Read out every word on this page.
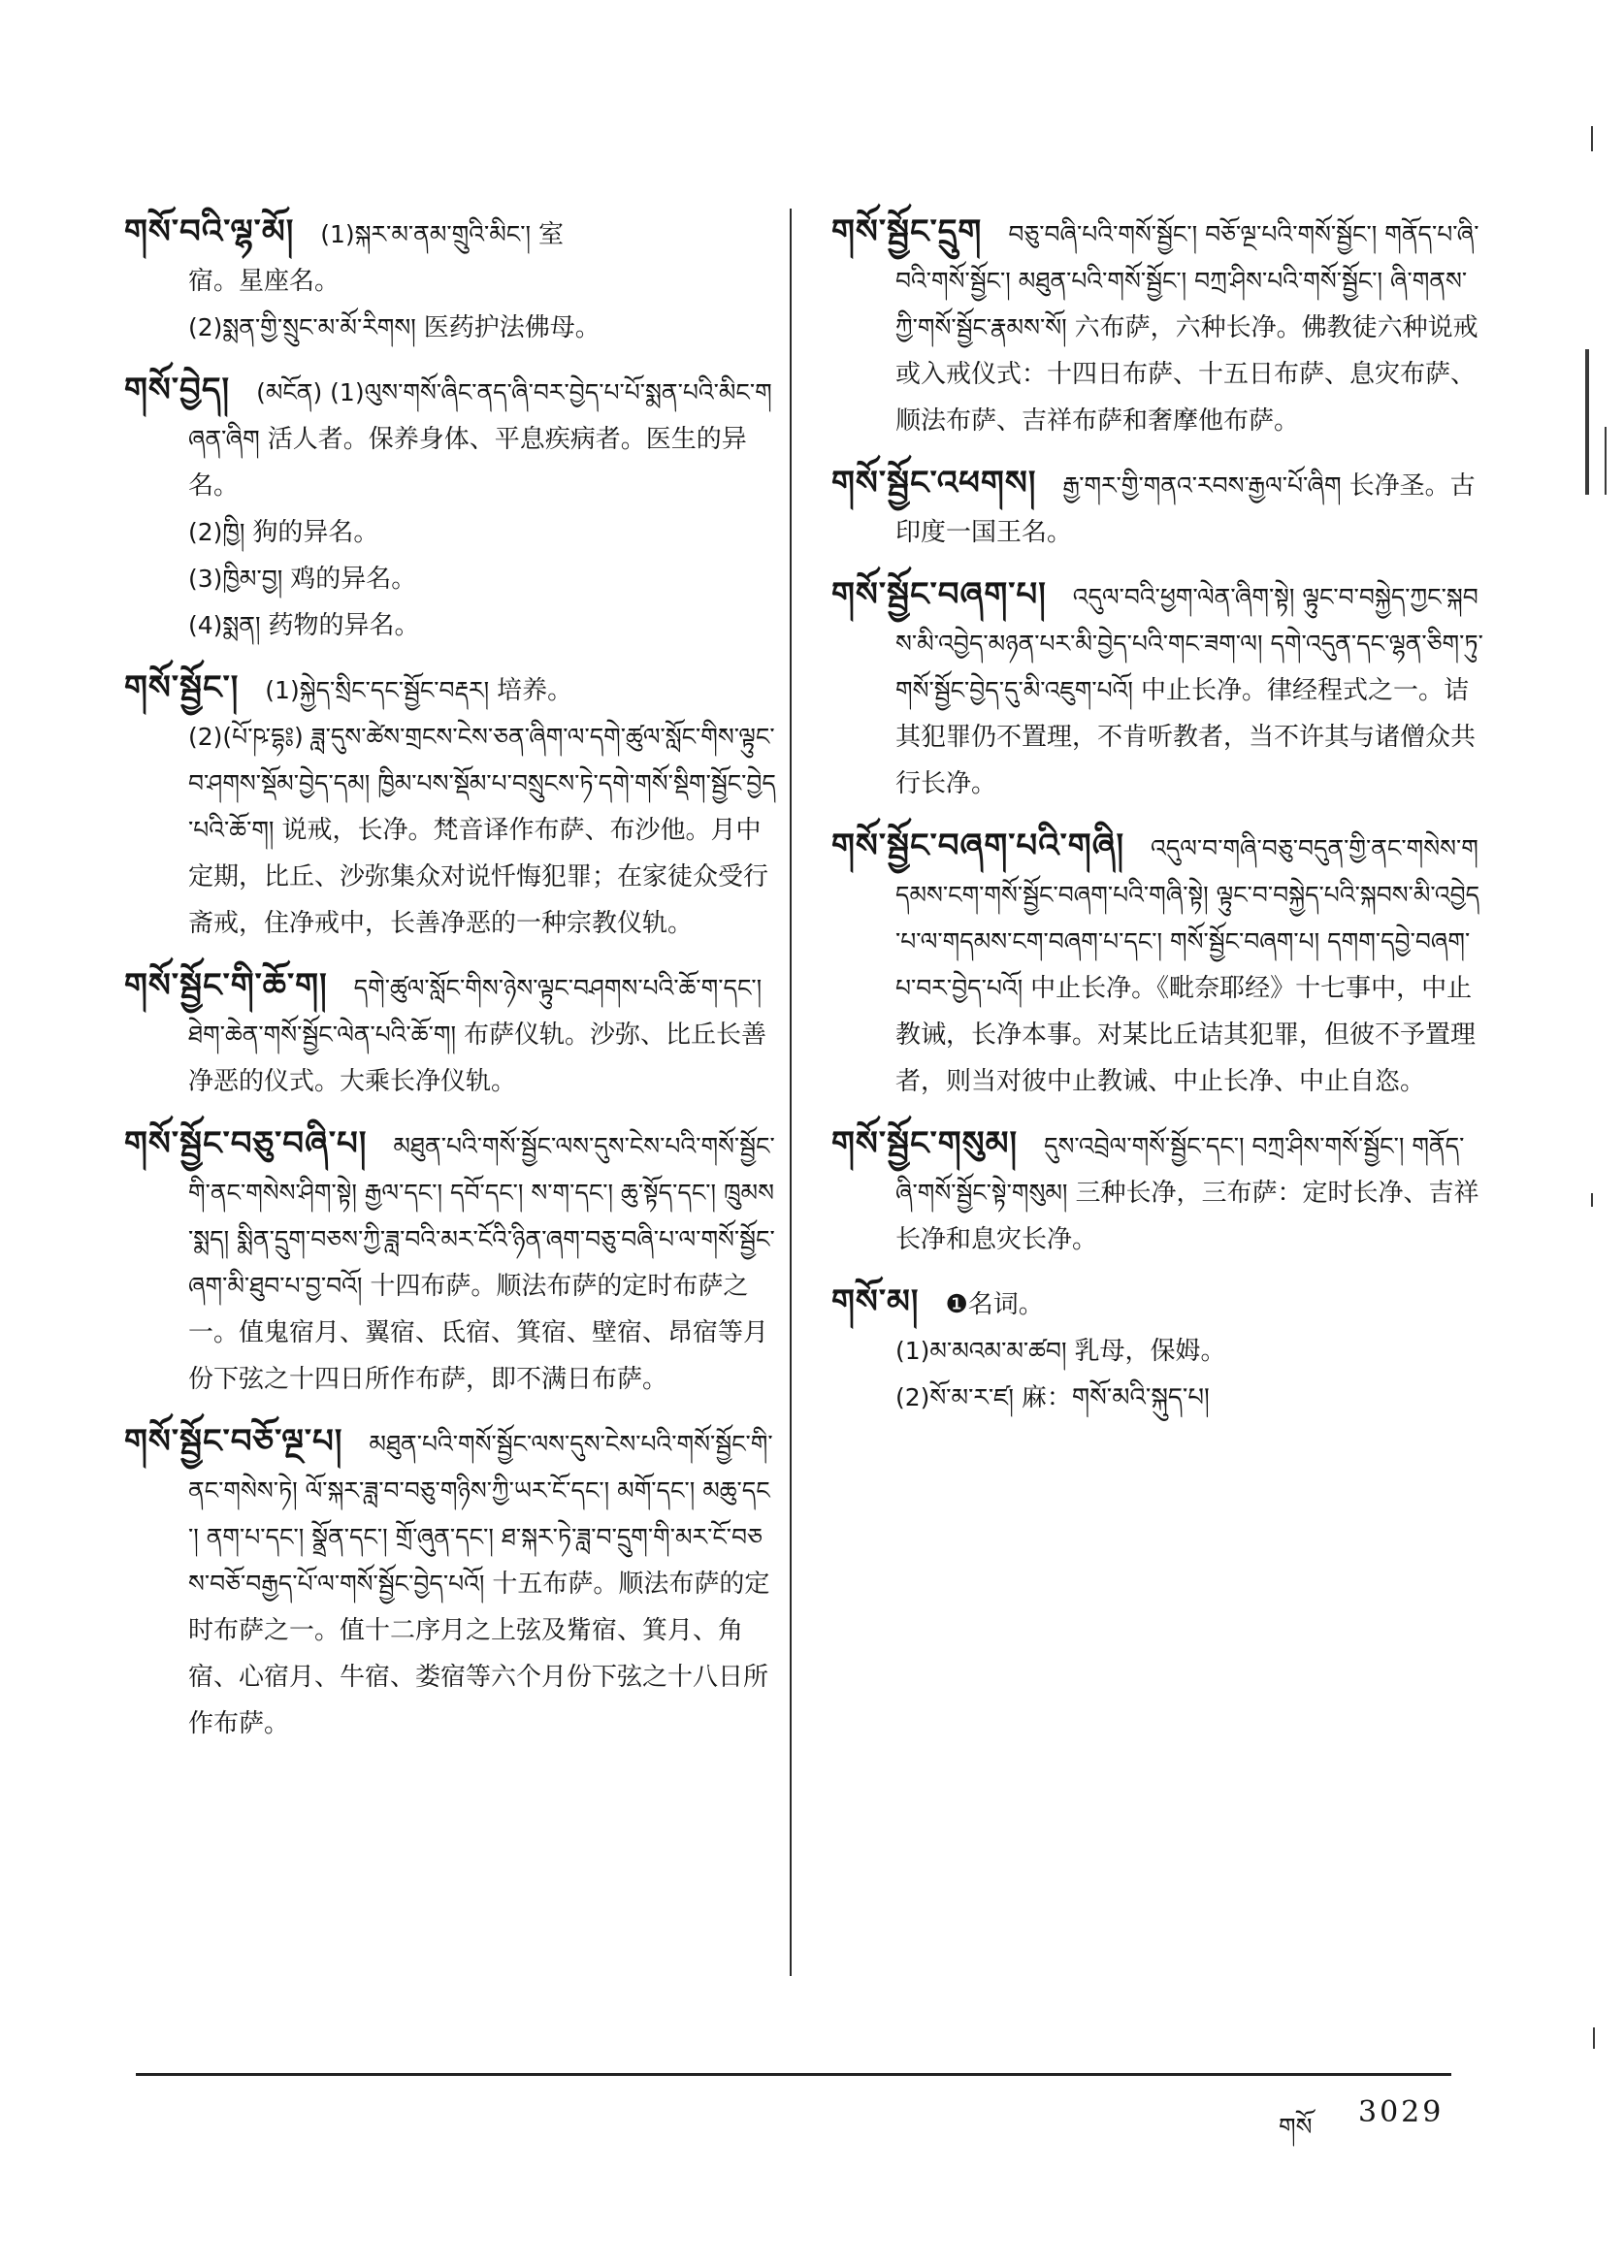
གསོ་བའི་ལྷ་མོ།  (1)སྐར་མ་ནམ་གྲུའི་མིང་། 室

宿。星座名。

(2)སྨན་གྱི་སྲུང་མ་མོ་རིགས། 医药护法佛母。

གསོ་བྱེད།  (མངོན) (1)ལུས་གསོ་ཞིང་ནད་ཞི་བར་བྱེད་པ་པོ་སྨན་པའི་མིང་གཞན་ཞིག 活人者。保养身体、平息疾病者。医生的异名。

(2)ཁྱི། 狗的异名。

(3)ཁྱིམ་བྱ། 鸡的异名。

(4)སྨན། 药物的异名。

གསོ་སྦྱོང་།  (1)སྐྱེད་སྲིང་དང་སྦྱོང་བརྡར། 培养。

(2)(པོ་ཥ་དྷ༔) ཟླ་དུས་ཚེས་གྲངས་ངེས་ཅན་ཞིག་ལ་དགེ་ཚུལ་སློང་གིས་ལྟུང་བ་ཤགས་སྡོམ་བྱེད་དམ། ཁྱིམ་པས་སྡོམ་པ་བསྲུངས་ཏེ་དགེ་གསོ་སྡིག་སྦྱོང་བྱེད་པའི་ཆོ་ག། 说戒，长净。梵音译作布萨、布沙他。月中定期，比丘、沙弥集众对说忏悔犯罪；在家徒众受行斋戒，住净戒中，长善净恶的一种宗教仪轨。

གསོ་སྦྱོང་གི་ཆོ་ག།  དགེ་ཚུལ་སློང་གིས་ཉེས་ལྟུང་བཤགས་པའི་ཆོ་ག་དང་། ཐེག་ཆེན་གསོ་སྦྱོང་ལེན་པའི་ཆོ་ག། 布萨仪轨。沙弥、比丘长善净恶的仪式。大乘长净仪轨。

གསོ་སྦྱོང་བཅུ་བཞི་པ།  མཐུན་པའི་གསོ་སྦྱོང་ལས་དུས་ངེས་པའི་གསོ་སྦྱོང་གི་ནང་གསེས་ཤིག་སྟེ། རྒྱལ་དང་། དབོ་དང་། ས་ག་དང་། ཆུ་སྟོད་དང་། ཁྲུམས་སྨད། སྨིན་དྲུག་བཅས་ཀྱི་ཟླ་བའི་མར་ངོའི་ཉིན་ཞག་བཅུ་བཞི་པ་ལ་གསོ་སྦྱོང་ཞག་མི་ཐུབ་པ་བྱ་བའོ། 十四布萨。顺法布萨的定时布萨之一。值鬼宿月、翼宿、氐宿、箕宿、壁宿、昂宿等月份下弦之十四日所作布萨，即不满日布萨。

གསོ་སྦྱོང་བཅོ་ལྔ་པ།  མཐུན་པའི་གསོ་སྦྱོང་ལས་དུས་ངེས་པའི་གསོ་སྦྱོང་གི་ནང་གསེས་ཏེ། ལོ་སྐར་ཟླ་བ་བཅུ་གཉིས་ཀྱི་ཡར་ངོ་དང་། མགོ་དང་། མཆུ་དང་། ནག་པ་དང་། སྣྲོན་དང་། གྲོ་ཞུན་དང་། ཐ་སྐར་ཏེ་ཟླ་བ་དྲུག་གི་མར་ངོ་བཅས་བཅོ་བརྒྱད་པོ་ལ་གསོ་སྦྱོང་བྱེད་པའོ། 十五布萨。顺法布萨的定时布萨之一。值十二序月之上弦及觜宿、箕月、角宿、心宿月、牛宿、娄宿等六个月份下弦之十八日所作布萨。

གསོ་སྦྱོང་དྲུག  བཅུ་བཞི་པའི་གསོ་སྦྱོང་། བཅོ་ལྔ་པའི་གསོ་སྦྱོང་། གནོད་པ་ཞི་བའི་གསོ་སྦྱོང་། མཐུན་པའི་གསོ་སྦྱོང་། བཀྲ་ཤིས་པའི་གསོ་སྦྱོང་། ཞི་གནས་ཀྱི་གསོ་སྦྱོང་རྣམས་སོ། 六布萨，六种长净。佛教徒六种说戒或入戒仪式：十四日布萨、十五日布萨、息灾布萨、顺法布萨、吉祥布萨和奢摩他布萨。

གསོ་སྦྱོང་འཕགས།  རྒྱ་གར་གྱི་གནའ་རབས་རྒྱལ་པོ་ཞིག 长净圣。古印度一国王名。

གསོ་སྦྱོང་བཞག་པ།  འདུལ་བའི་ཕྱག་ལེན་ཞིག་སྟེ། ལྟུང་བ་བསྐྱེད་ཀྱང་སྐབས་མི་འབྱེད་མཉན་པར་མི་བྱེད་པའི་གང་ཟག་ལ། དགེ་འདུན་དང་ལྷན་ཅིག་ཏུ་གསོ་སྦྱོང་བྱེད་དུ་མི་འཇུག་པའོ། 中止长净。律经程式之一。诘其犯罪仍不置理，不肯听教者，当不许其与诸僧众共行长净。

གསོ་སྦྱོང་བཞག་པའི་གཞི།  འདུལ་བ་གཞི་བཅུ་བདུན་གྱི་ནང་གསེས་གདམས་ངག་གསོ་སྦྱོང་བཞག་པའི་གཞི་སྟེ། ལྟུང་བ་བསྐྱེད་པའི་སྐབས་མི་འབྱེད་པ་ལ་གདམས་ངག་བཞག་པ་དང་། གསོ་སྦྱོང་བཞག་པ། དགག་དབྱེ་བཞག་པ་བར་བྱེད་པའོ། 中止长净。《毗奈耶经》十七事中，中止教诫，长净本事。对某比丘诘其犯罪，但彼不予置理者，则当对彼中止教诫、中止长净、中止自恣。

གསོ་སྦྱོང་གསུམ།  དུས་འབྲེལ་གསོ་སྦྱོང་དང་། བཀྲ་ཤིས་གསོ་སྦྱོང་། གནོད་ཞི་གསོ་སྦྱོང་སྟེ་གསུམ། 三种长净，三布萨：定时长净、吉祥长净和息灾长净。

གསོ་མ།  ❶名词。

(1)མ་མའམ་མ་ཚབ། 乳母，保姆。

(2)སོ་མ་ར་ཛ། 麻：གསོ་མའི་སྐུད་པ།

གསོ 3029
